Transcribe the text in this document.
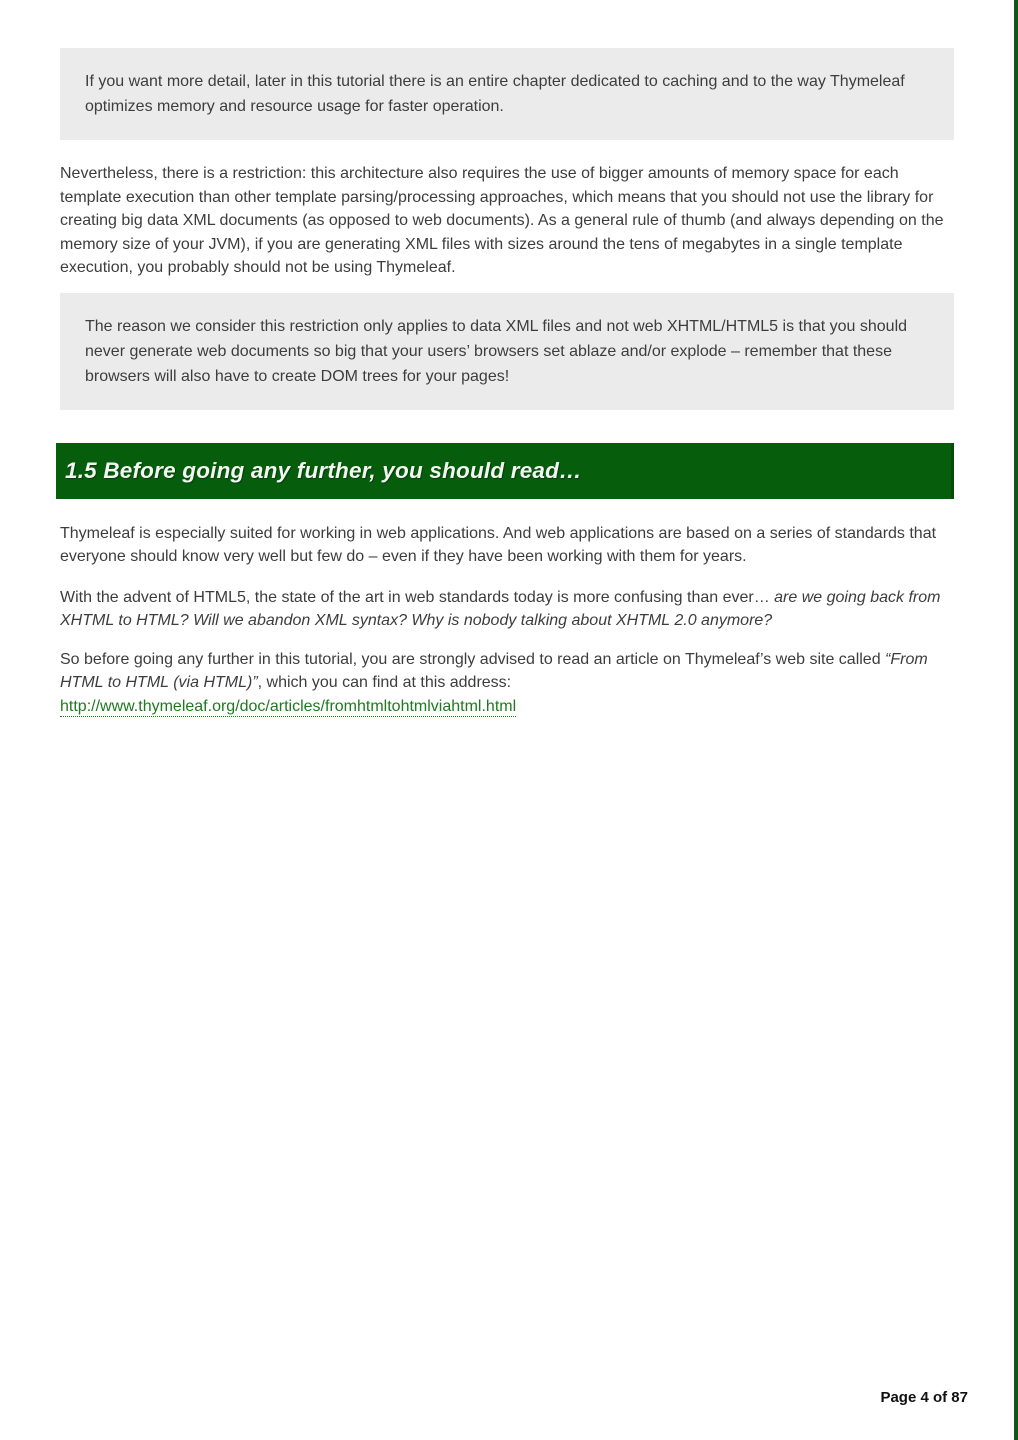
If you want more detail, later in this tutorial there is an entire chapter dedicated to caching and to the way Thymeleaf optimizes memory and resource usage for faster operation.

Nevertheless, there is a restriction: this architecture also requires the use of bigger amounts of memory space for each template execution than other template parsing/processing approaches, which means that you should not use the library for creating big data XML documents (as opposed to web documents). As a general rule of thumb (and always depending on the memory size of your JVM), if you are generating XML files with sizes around the tens of megabytes in a single template execution, you probably should not be using Thymeleaf.

The reason we consider this restriction only applies to data XML files and not web XHTML/HTML5 is that you should never generate web documents so big that your users’ browsers set ablaze and/or explode – remember that these browsers will also have to create DOM trees for your pages!
1.5 Before going any further, you should read…

Thymeleaf is especially suited for working in web applications. And web applications are based on a series of standards that everyone should know very well but few do – even if they have been working with them for years.

With the advent of HTML5, the state of the art in web standards today is more confusing than ever… are we going back from XHTML to HTML? Will we abandon XML syntax? Why is nobody talking about XHTML 2.0 anymore?

So before going any further in this tutorial, you are strongly advised to read an article on Thymeleaf’s web site called “From HTML to HTML (via HTML)”, which you can find at this address:
http://www.thymeleaf.org/doc/articles/fromhtmltohtmlviahtml.html

Page 4 of 87
